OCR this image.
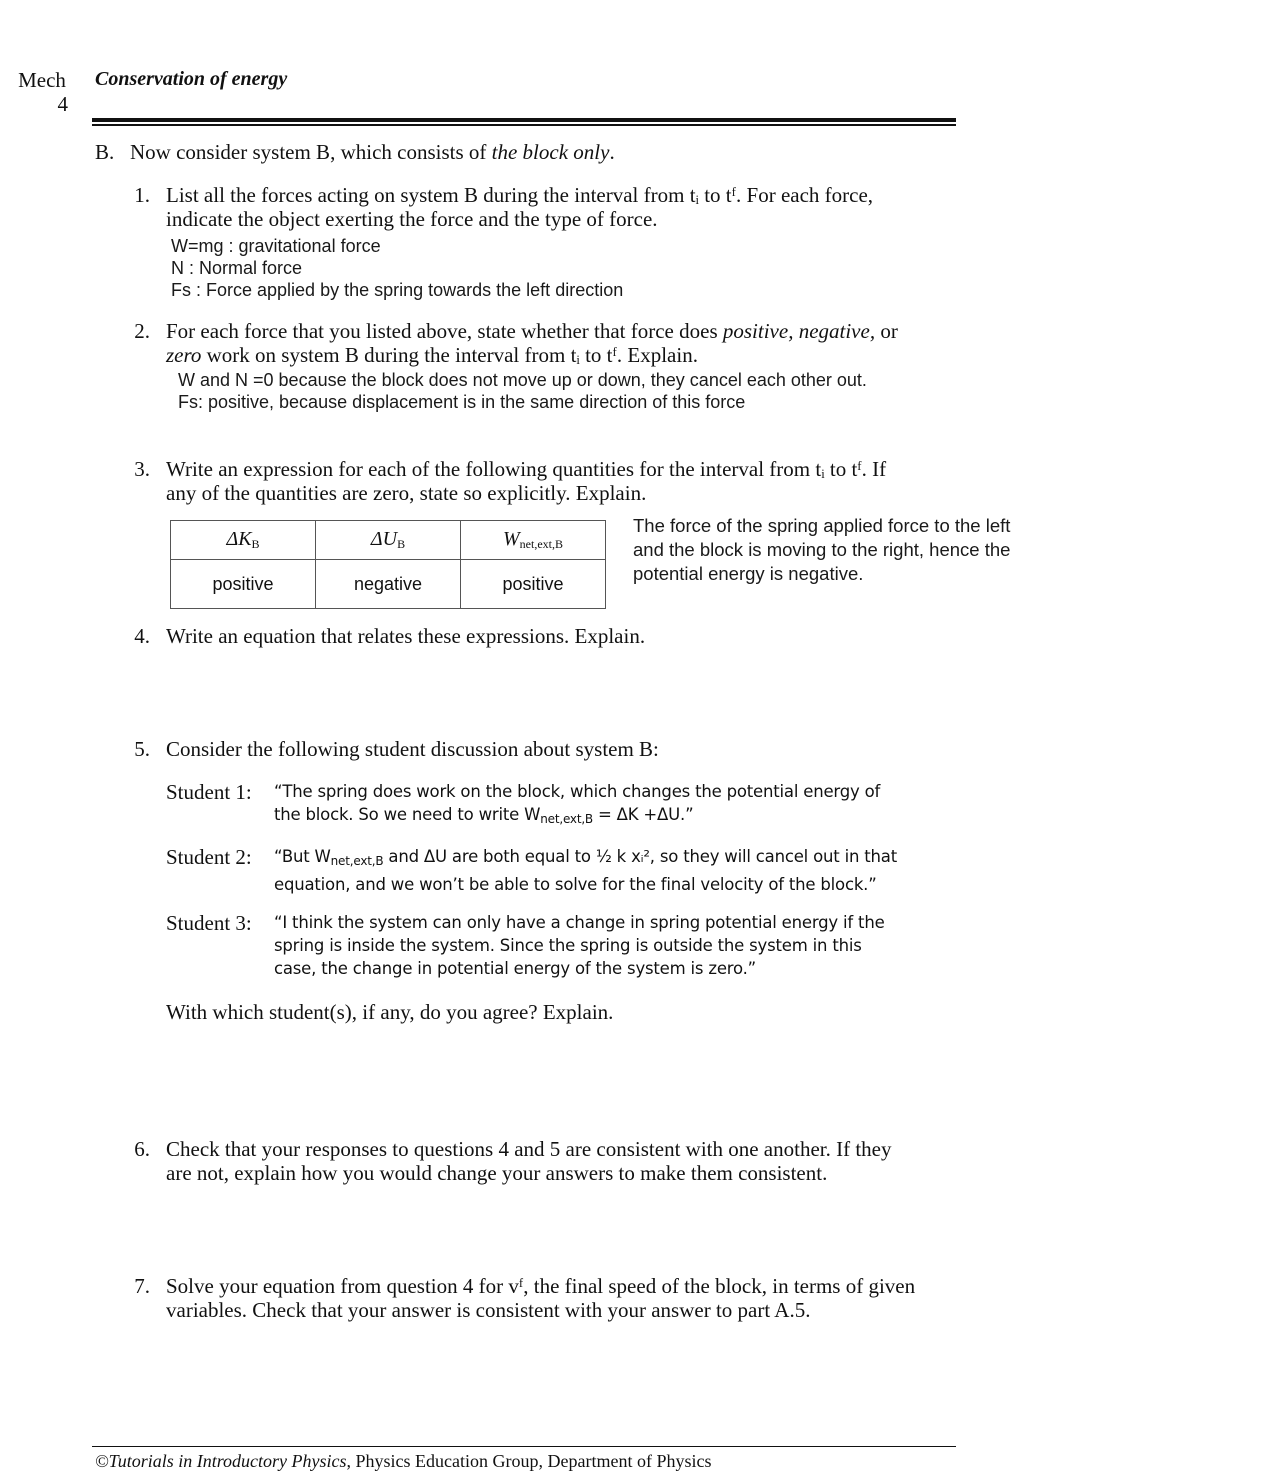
Mech
4
Conservation of energy
B. Now consider system B, which consists of the block only.
1. List all the forces acting on system B during the interval from tᵢ to tᶠ. For each force,
indicate the object exerting the force and the type of force.
W=mg : gravitational force
N : Normal force
Fs : Force applied by the spring towards the left direction
2. For each force that you listed above, state whether that force does positive, negative, or
zero work on system B during the interval from tᵢ to tᶠ. Explain.
W and N =0 because the block does not move up or down, they cancel each other out.
Fs: positive, because displacement is in the same direction of this force
3. Write an expression for each of the following quantities for the interval from tᵢ to tᶠ. If
any of the quantities are zero, state so explicitly. Explain.
$\Delta K_B$	$\Delta U_B$	$W_{net,ext,B}$
positive	negative	positive
The force of the spring applied force to the left
and the block is moving to the right, hence the
potential energy is negative.
4. Write an equation that relates these expressions. Explain.
5. Consider the following student discussion about system B:
Student 1: “The spring does work on the block, which changes the potential energy of
the block. So we need to write $W_{net,ext,B} = \Delta K +\Delta U$.”
Student 2: “But $W_{net,ext,B}$ and ΔU are both equal to ½ k xᵢ², so they will cancel out in that
equation, and we won’t be able to solve for the final velocity of the block.”
Student 3: “I think the system can only have a change in spring potential energy if the
spring is inside the system. Since the spring is outside the system in this
case, the change in potential energy of the system is zero.”
With which student(s), if any, do you agree? Explain.
6. Check that your responses to questions 4 and 5 are consistent with one another. If they
are not, explain how you would change your answers to make them consistent.
7. Solve your equation from question 4 for vᶠ, the final speed of the block, in terms of given
variables. Check that your answer is consistent with your answer to part A.5.
©Tutorials in Introductory Physics, Physics Education Group, Department of Physics
